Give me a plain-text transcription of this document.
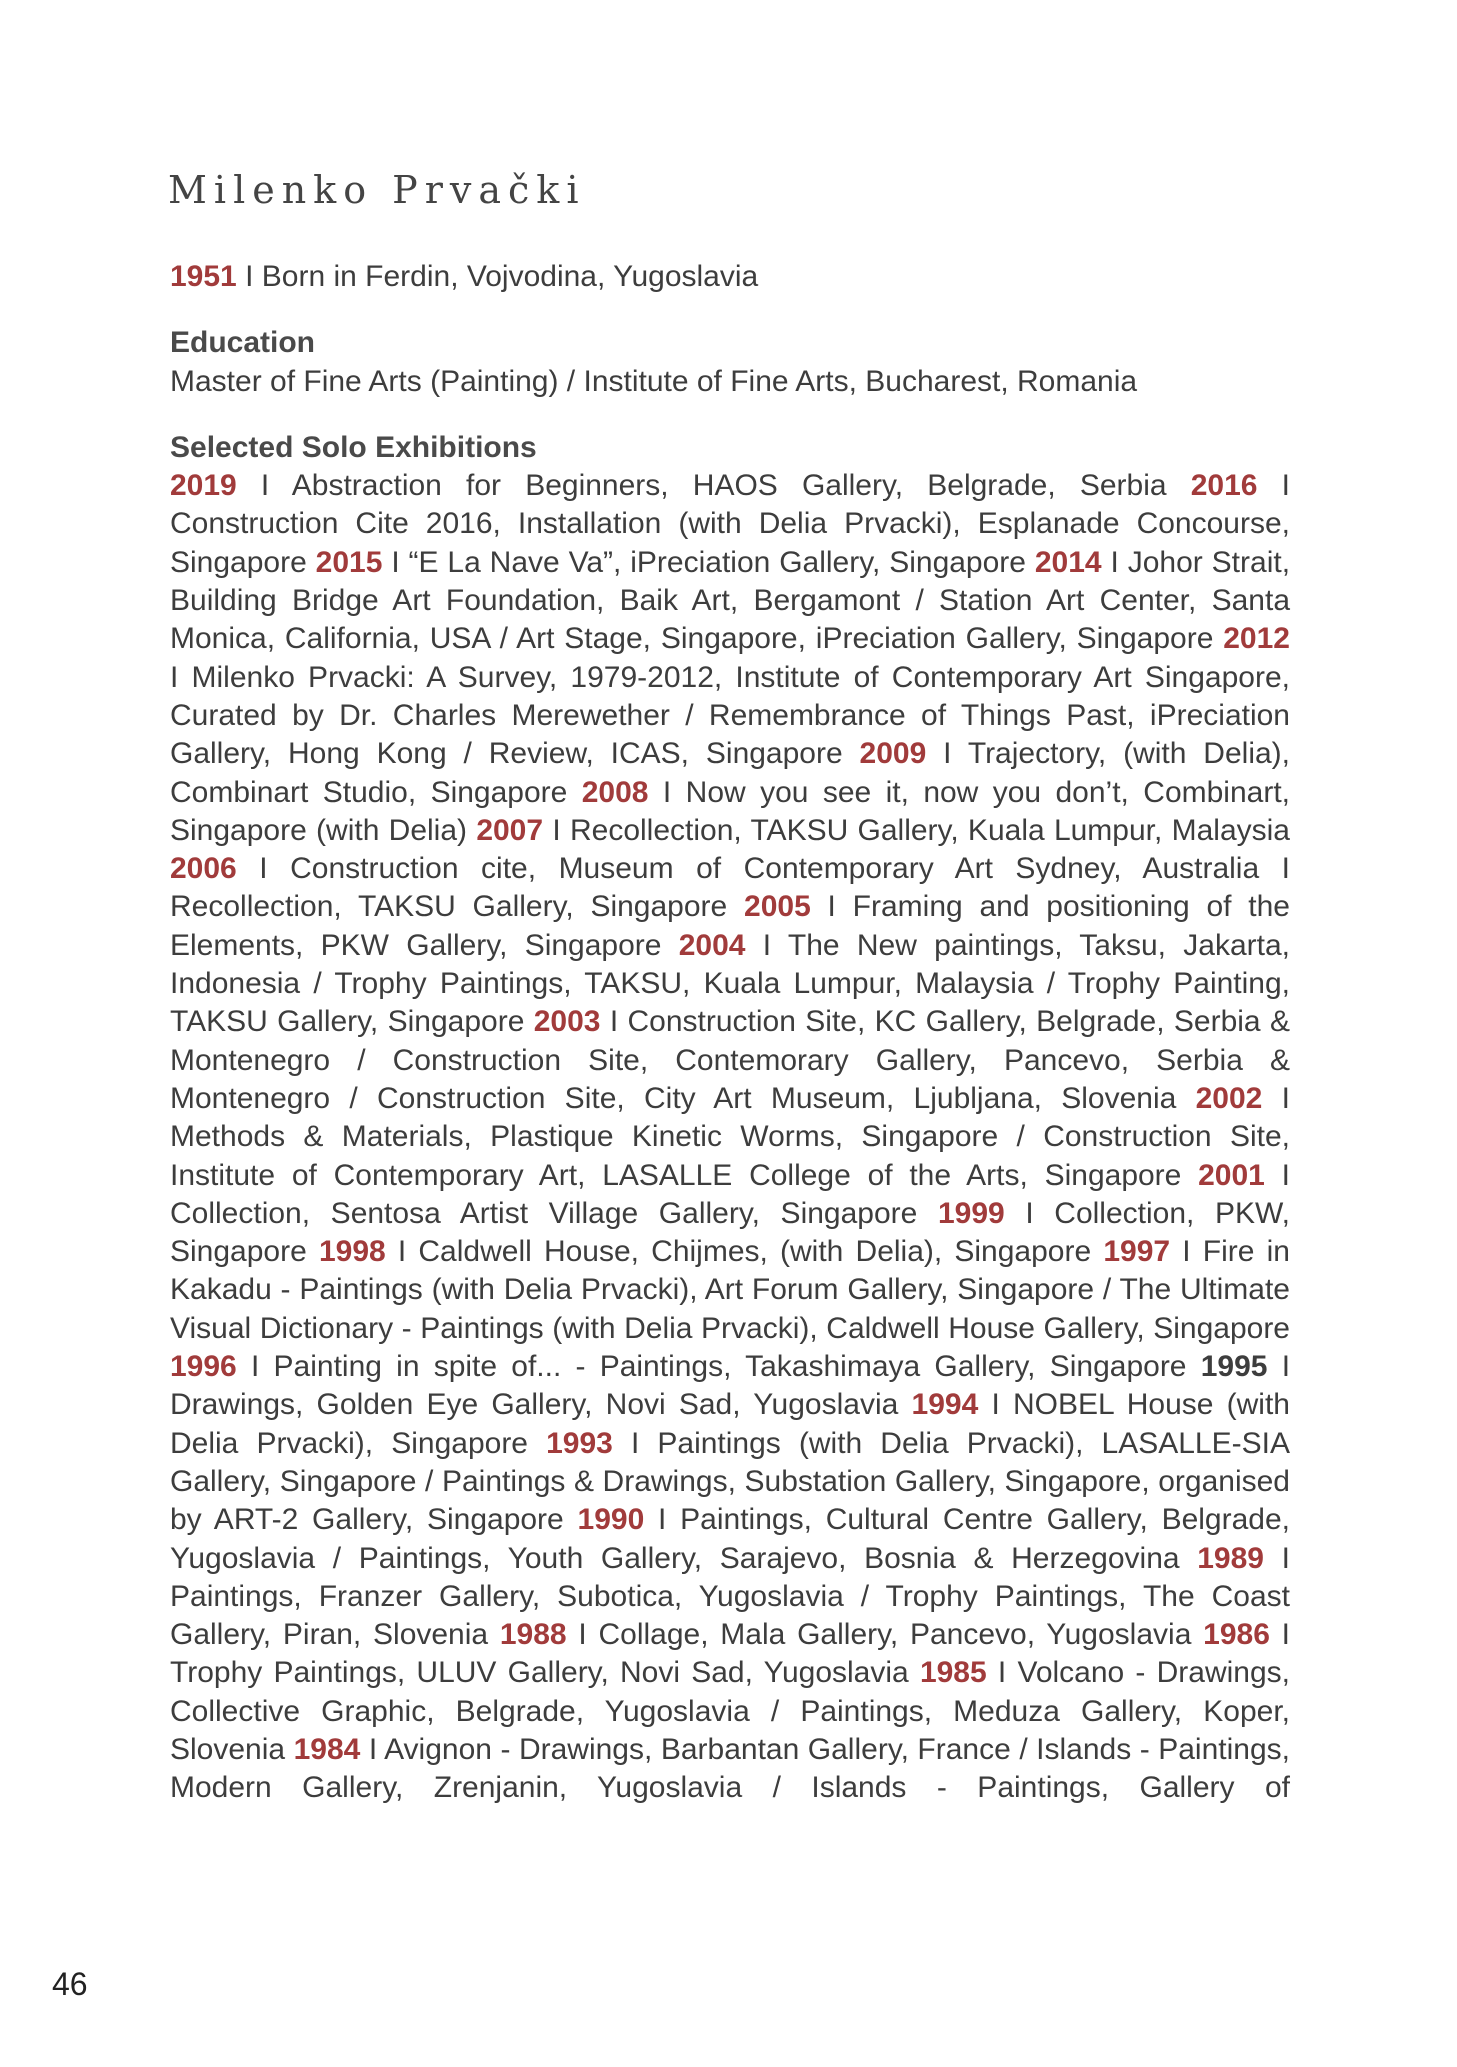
Milenko Prvački

1951 I Born in Ferdin, Vojvodina, Yugoslavia

Education

Master of Fine Arts (Painting) / Institute of Fine Arts, Bucharest, Romania

Selected Solo Exhibitions

2019 I Abstraction for Beginners, HAOS Gallery, Belgrade, Serbia 2016 I Construction Cite 2016, Installation (with Delia Prvacki), Esplanade Concourse, Singapore 2015 I “E La Nave Va”, iPreciation Gallery, Singapore 2014 I Johor Strait, Building Bridge Art Foundation, Baik Art, Bergamont / Station Art Center, Santa Monica, California, USA / Art Stage, Singapore, iPreciation Gallery, Singapore 2012 I Milenko Prvacki: A Survey, 1979-2012, Institute of Contemporary Art Singapore, Curated by Dr. Charles Merewether / Remembrance of Things Past, iPreciation Gallery, Hong Kong / Review, ICAS, Singapore 2009 I Trajectory, (with Delia), Combinart Studio, Singapore 2008 I Now you see it, now you don’t, Combinart, Singapore (with Delia) 2007 I Recollection, TAKSU Gallery, Kuala Lumpur, Malaysia 2006 I Construction cite, Museum of Contemporary Art Sydney, Australia I Recollection, TAKSU Gallery, Singapore 2005 I Framing and positioning of the Elements, PKW Gallery, Singapore 2004 I The New paintings, Taksu, Jakarta, Indonesia / Trophy Paintings, TAKSU, Kuala Lumpur, Malaysia / Trophy Painting, TAKSU Gallery, Singapore 2003 I Construction Site, KC Gallery, Belgrade, Serbia & Montenegro / Construction Site, Contemorary Gallery, Pancevo, Serbia & Montenegro / Construction Site, City Art Museum, Ljubljana, Slovenia 2002 I Methods & Materials, Plastique Kinetic Worms, Singapore / Construction Site, Institute of Contemporary Art, LASALLE College of the Arts, Singapore 2001 I Collection, Sentosa Artist Village Gallery, Singapore 1999 I Collection, PKW, Singapore 1998 I Caldwell House, Chijmes, (with Delia), Singapore 1997 I Fire in Kakadu - Paintings (with Delia Prvacki), Art Forum Gallery, Singapore / The Ultimate Visual Dictionary - Paintings (with Delia Prvacki), Caldwell House Gallery, Singapore 1996 I Painting in spite of... - Paintings, Takashimaya Gallery, Singapore 1995 I Drawings, Golden Eye Gallery, Novi Sad, Yugoslavia 1994 I NOBEL House (with Delia Prvacki), Singapore 1993 I Paintings (with Delia Prvacki), LASALLE-SIA Gallery, Singapore / Paintings & Drawings, Substation Gallery, Singapore, organised by ART-2 Gallery, Singapore 1990 I Paintings, Cultural Centre Gallery, Belgrade, Yugoslavia / Paintings, Youth Gallery, Sarajevo, Bosnia & Herzegovina 1989 I Paintings, Franzer Gallery, Subotica, Yugoslavia / Trophy Paintings, The Coast Gallery, Piran, Slovenia 1988 I Collage, Mala Gallery, Pancevo, Yugoslavia 1986 I Trophy Paintings, ULUV Gallery, Novi Sad, Yugoslavia 1985 I Volcano - Drawings, Collective Graphic, Belgrade, Yugoslavia / Paintings, Meduza Gallery, Koper, Slovenia 1984 I Avignon - Drawings, Barbantan Gallery, France / Islands - Paintings, Modern Gallery, Zrenjanin, Yugoslavia / Islands - Paintings, Gallery of

46
